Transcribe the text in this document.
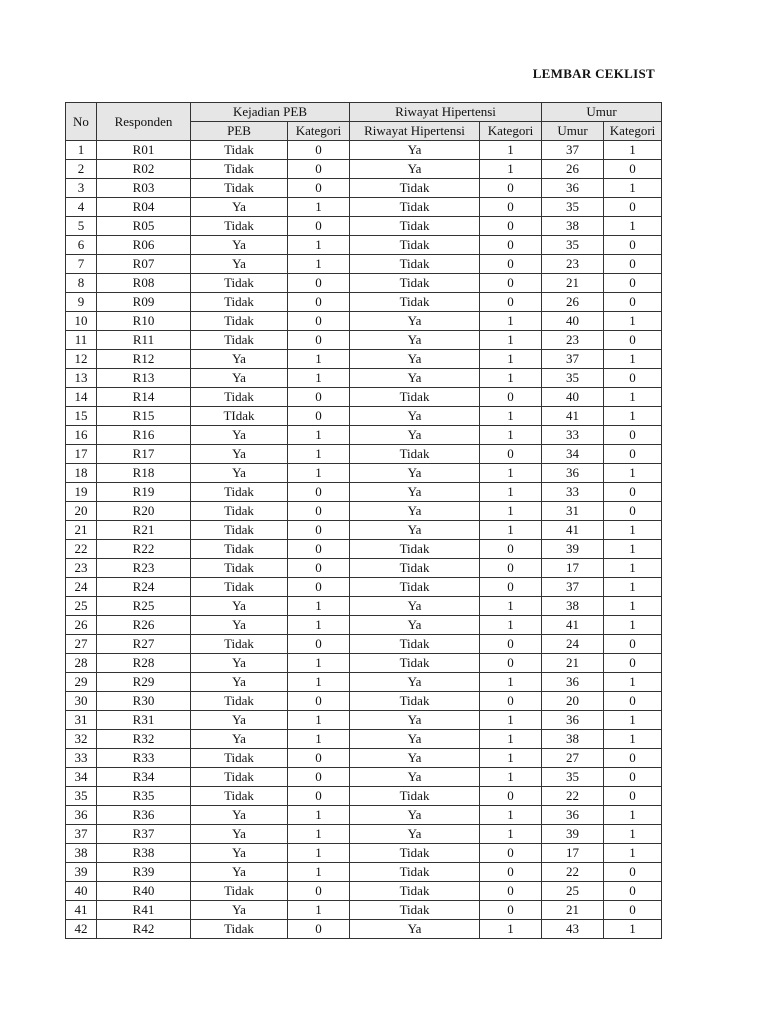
LEMBAR CEKLIST
No	Responden	Kejadian PEB		Riwayat Hipertensi		Umur	
		PEB	Kategori	Riwayat Hipertensi	Kategori	Umur	Kategori
1	R01	Tidak	0	Ya	1	37	1
2	R02	Tidak	0	Ya	1	26	0
3	R03	Tidak	0	Tidak	0	36	1
4	R04	Ya	1	Tidak	0	35	0
5	R05	Tidak	0	Tidak	0	38	1
6	R06	Ya	1	Tidak	0	35	0
7	R07	Ya	1	Tidak	0	23	0
8	R08	Tidak	0	Tidak	0	21	0
9	R09	Tidak	0	Tidak	0	26	0
10	R10	Tidak	0	Ya	1	40	1
11	R11	Tidak	0	Ya	1	23	0
12	R12	Ya	1	Ya	1	37	1
13	R13	Ya	1	Ya	1	35	0
14	R14	Tidak	0	Tidak	0	40	1
15	R15	TIdak	0	Ya	1	41	1
16	R16	Ya	1	Ya	1	33	0
17	R17	Ya	1	Tidak	0	34	0
18	R18	Ya	1	Ya	1	36	1
19	R19	Tidak	0	Ya	1	33	0
20	R20	Tidak	0	Ya	1	31	0
21	R21	Tidak	0	Ya	1	41	1
22	R22	Tidak	0	Tidak	0	39	1
23	R23	Tidak	0	Tidak	0	17	1
24	R24	Tidak	0	Tidak	0	37	1
25	R25	Ya	1	Ya	1	38	1
26	R26	Ya	1	Ya	1	41	1
27	R27	Tidak	0	Tidak	0	24	0
28	R28	Ya	1	Tidak	0	21	0
29	R29	Ya	1	Ya	1	36	1
30	R30	Tidak	0	Tidak	0	20	0
31	R31	Ya	1	Ya	1	36	1
32	R32	Ya	1	Ya	1	38	1
33	R33	Tidak	0	Ya	1	27	0
34	R34	Tidak	0	Ya	1	35	0
35	R35	Tidak	0	Tidak	0	22	0
36	R36	Ya	1	Ya	1	36	1
37	R37	Ya	1	Ya	1	39	1
38	R38	Ya	1	Tidak	0	17	1
39	R39	Ya	1	Tidak	0	22	0
40	R40	Tidak	0	Tidak	0	25	0
41	R41	Ya	1	Tidak	0	21	0
42	R42	Tidak	0	Ya	1	43	1
